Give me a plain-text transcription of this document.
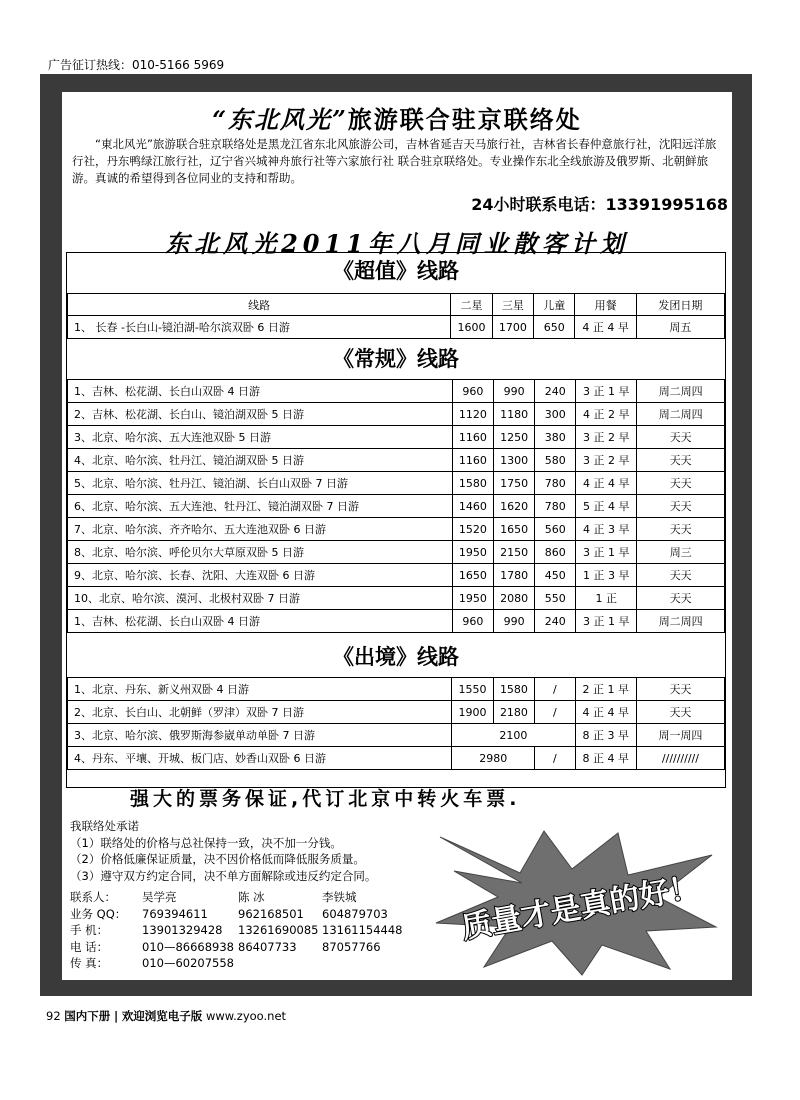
广告征订热线：010-5166 5969
“东北风光”旅游联合驻京联络处
“東北风光”旅游联合驻京联络处是黑龙江省东北风旅游公司，吉林省延吉天马旅行社，吉林省长春仲意旅行社，沈阳远洋旅行社，丹东鸭绿江旅行社，辽宁省兴城神舟旅行社等六家旅行社 联合驻京联络处。专业操作东北全线旅游及俄罗斯、北朝鲜旅游。真诚的希望得到各位同业的支持和帮助。
24小时联系电话：13391995168
东北风光2011年八月同业散客计划
《超值》线路
线路	二星	三星	儿童	用餐	发团日期
1、 长春 -长白山-镜泊湖-哈尔滨双卧 6 日游	1600	1700	650	4 正 4 早	周五
《常规》线路
1、吉林、松花湖、长白山双卧 4 日游	960	990	240	3 正 1 早	周二周四
2、吉林、松花湖、长白山、镜泊湖双卧 5 日游	1120	1180	300	4 正 2 早	周二周四
3、北京、哈尔滨、五大连池双卧 5 日游	1160	1250	380	3 正 2 早	天天
4、北京、哈尔滨、牡丹江、镜泊湖双卧 5 日游	1160	1300	580	3 正 2 早	天天
5、北京、哈尔滨、牡丹江、镜泊湖、长白山双卧 7 日游	1580	1750	780	4 正 4 早	天天
6、北京、哈尔滨、五大连池、牡丹江、镜泊湖双卧 7 日游	1460	1620	780	5 正 4 早	天天
7、北京、哈尔滨、齐齐哈尔、五大连池双卧 6 日游	1520	1650	560	4 正 3 早	天天
8、北京、哈尔滨、呼伦贝尔大草原双卧 5 日游	1950	2150	860	3 正 1 早	周三
9、北京、哈尔滨、长春、沈阳、大连双卧 6 日游	1650	1780	450	1 正 3 早	天天
10、北京、哈尔滨、漠河、北极村双卧 7 日游	1950	2080	550	1 正	天天
1、吉林、松花湖、长白山双卧 4 日游	960	990	240	3 正 1 早	周二周四
《出境》线路
1、北京、丹东、新义州双卧 4 日游	1550	1580	/	2 正 1 早	天天
2、北京、长白山、北朝鲜（罗津）双卧 7 日游	1900	2180	/	4 正 4 早	天天
3、北京、哈尔滨、俄罗斯海参崴单动单卧 7 日游	2100			8 正 3 早	周一周四
4、丹东、平壤、开城、板门店、妙香山双卧 6 日游	2980		/	8 正 4 早	//////////
强大的票务保证,代订北京中转火车票.
我联络处承诺
（1）联络处的价格与总社保持一致，决不加一分钱。
（2）价格低廉保证质量，决不因价格低而降低服务质量。
（3）遵守双方约定合同，决不单方面解除或违反约定合同。
联系人：	吴学亮	陈 冰	李铁城
业务 QQ：	769394611	962168501	604879703
手 机：	13901329428	13261690085 13161154448
电 话：	010—86668938 86407733	87057766
传 真：	010—60207558
质量才是真的好！
92 国内下册 | 欢迎浏览电子版 www.zyoo.net
